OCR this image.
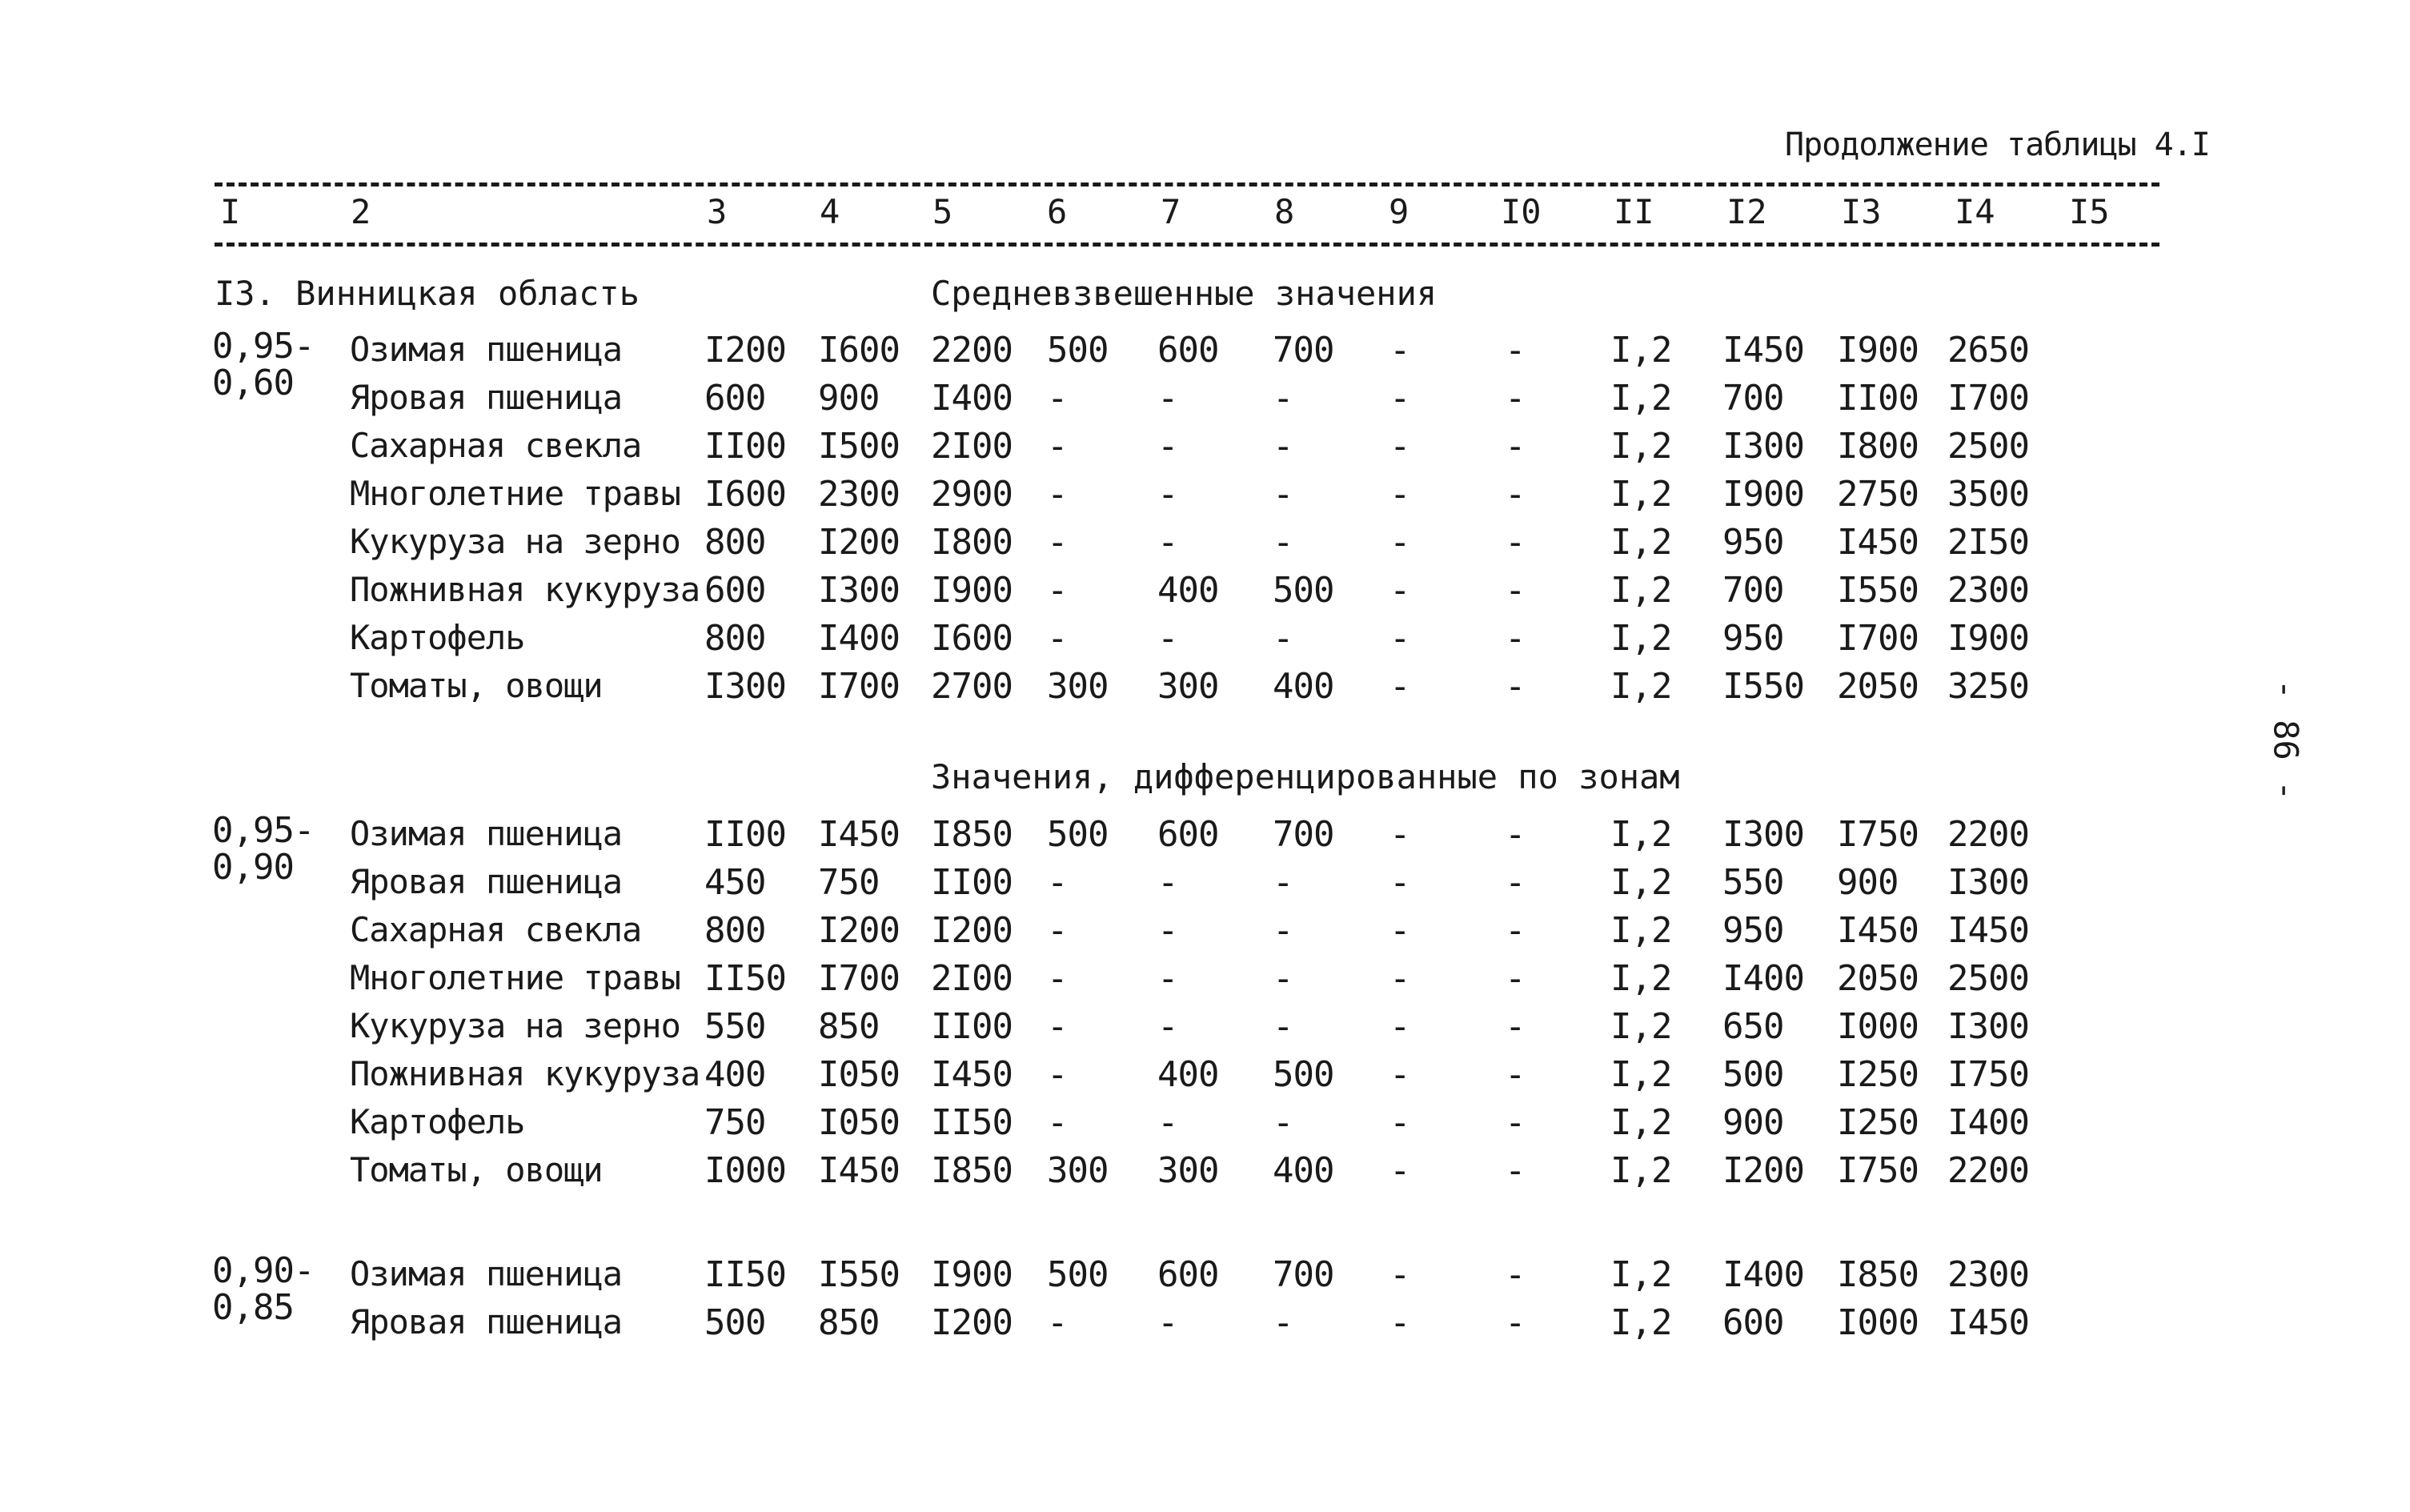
Продолжение таблицы 4.I
I	2	3	4	5	6	7	8	9	I0 II I2 I3 I4 I5
I3. Винницкая область	Средневзвешенные значения
0,95-
0,60
Озимая пшеница I200 I600 2200 500 600 700 -	- I,2 I450 I900 2650
Яровая пшеница 600 900 I400 -	-	-	-	- I,2 700 II00 I700
Сахарная свекла II00 I500 2I00 -	-	-	-	- I,2 I300 I800 2500
Многолетние травы I600 2300 2900 -	-	-	-	- I,2 I900 2750 3500
Кукуруза на зерно 800 I200 I800 -	-	-	-	- I,2 950 I450 2I50
Пожнивная кукуруза 600 I300 I900 -	400 500 -	- I,2 700 I550 2300
Картофель	800 I400 I600 -	-	-	-	- I,2 950 I700 I900
Томаты, овощи	I300 I700 2700 300 300 400 -	- I,2 I550 2050 3250
Значения, дифференцированные по зонам
0,95-
0,90
Озимая пшеница II00 I450 I850 500 600 700 -	- I,2 I300 I750 2200
Яровая пшеница 450 750 II00 -	-	-	-	- I,2 550 900 I300
Сахарная свекла 800 I200 I200 -	-	-	-	- I,2 950 I450 I450
Многолетние травы II50 I700 2I00 -	-	-	-	- I,2 I400 2050 2500
Кукуруза на зерно 550 850 II00 -	-	-	-	- I,2 650 I000 I300
Пожнивная кукуруза 400 I050 I450 -	400 500 -	- I,2 500 I250 I750
Картофель	750 I050 II50 -	-	-	-	- I,2 900 I250 I400
Томаты, овощи	I000 I450 I850 300 300 400 -	- I,2 I200 I750 2200
0,90-
0,85
Озимая пшеница II50 I550 I900 500 600 700 -	- I,2 I400 I850 2300
Яровая пшеница 500 850 I200 -	-	-	-	- I,2 600 I000 I450
- 86 -
